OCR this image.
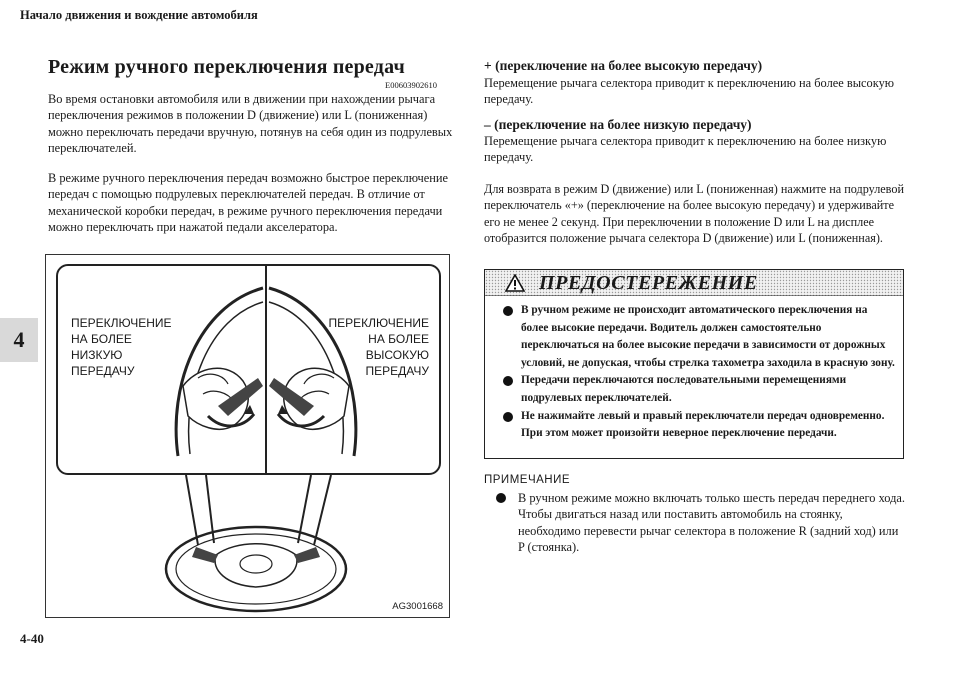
Начало движения и вождение автомобиля
4-40
4
Режим ручного переключения передач
E00603902610
Во время остановки автомобиля или в движении при нахождении рычага переключения режимов в положении D (движение) или L (пониженная) можно переключать передачи вручную, потянув на себя один из подрулевых переключателей.
В режиме ручного переключения передач возможно быстрое переключение передач с помощью подрулевых переключателей передач. В отличие от механической коробки передач, в режиме ручного переключения передачи можно переключать при нажатой педали акселератора.
ПЕРЕКЛЮЧЕНИЕ
НА БОЛЕЕ
НИЗКУЮ
ПЕРЕДАЧУ
ПЕРЕКЛЮЧЕНИЕ
НА БОЛЕЕ
ВЫСОКУЮ
ПЕРЕДАЧУ
AG3001668
+ (переключение на более высокую передачу)
Перемещение рычага селектора приводит к переключению на более высокую передачу.
– (переключение на более низкую передачу)
Перемещение рычага селектора приводит к переключению на более низкую передачу.
Для возврата в режим D (движение) или L (пониженная) нажмите на подрулевой переключатель «+» (переключение на более высокую передачу) и удерживайте его не менее 2 секунд. При переключении в положение D или L на дисплее отобразится положение рычага селектора D (движение) или L (пониженная).
ПРЕДОСТЕРЕЖЕНИЕ
В ручном режиме не происходит автоматического переключения на более высокие передачи. Водитель должен самостоятельно переключаться на более высокие передачи в зависимости от дорожных условий, не допуская, чтобы стрелка тахометра заходила в красную зону.
Передачи переключаются последовательными перемещениями подрулевых переключателей.
Не нажимайте левый и правый переключатели передач одновременно. При этом может произойти неверное переключение передачи.
ПРИМЕЧАНИЕ
В ручном режиме можно включать только шесть передач переднего хода. Чтобы двигаться назад или поставить автомобиль на стоянку, необходимо перевести рычаг селектора в положение R (задний ход) или P (стоянка).
